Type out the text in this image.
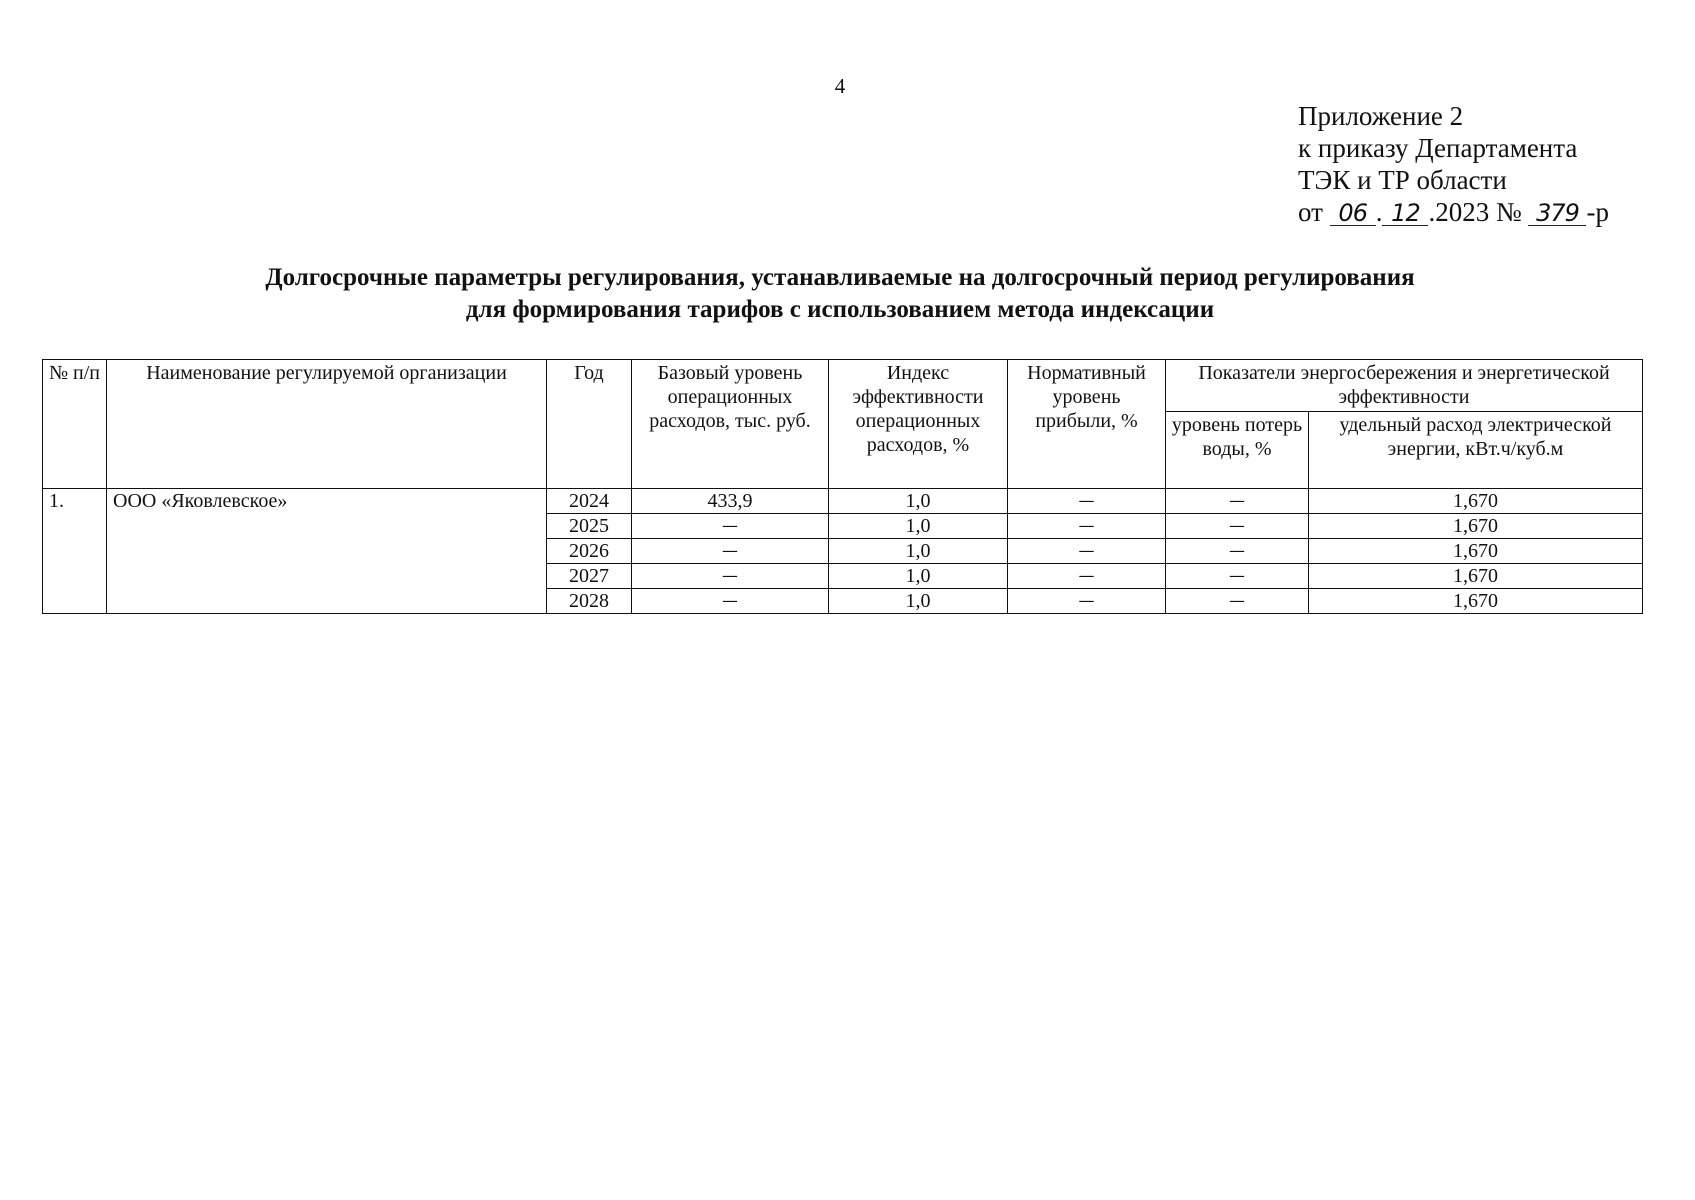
4
Приложение 2
к приказу Департамента
ТЭК и ТР области
от 06 . 12 .2023 № 379 -р
Долгосрочные параметры регулирования, устанавливаемые на долгосрочный период регулирования
для формирования тарифов с использованием метода индексации
№ п/п	Наименование регулируемой организации	Год	Базовый уровень операционных расходов, тыс. руб.	Индекс эффективности операционных расходов, %	Нормативный уровень прибыли, %	Показатели энергосбережения и энергетической эффективности	
						уровень потерь воды, %	удельный расход электрической энергии, кВт.ч/куб.м
1.	ООО «Яковлевское»	2024	433,9	1,0	—	—	1,670
		2025	—	1,0	—	—	1,670
		2026	—	1,0	—	—	1,670
		2027	—	1,0	—	—	1,670
		2028	—	1,0	—	—	1,670
